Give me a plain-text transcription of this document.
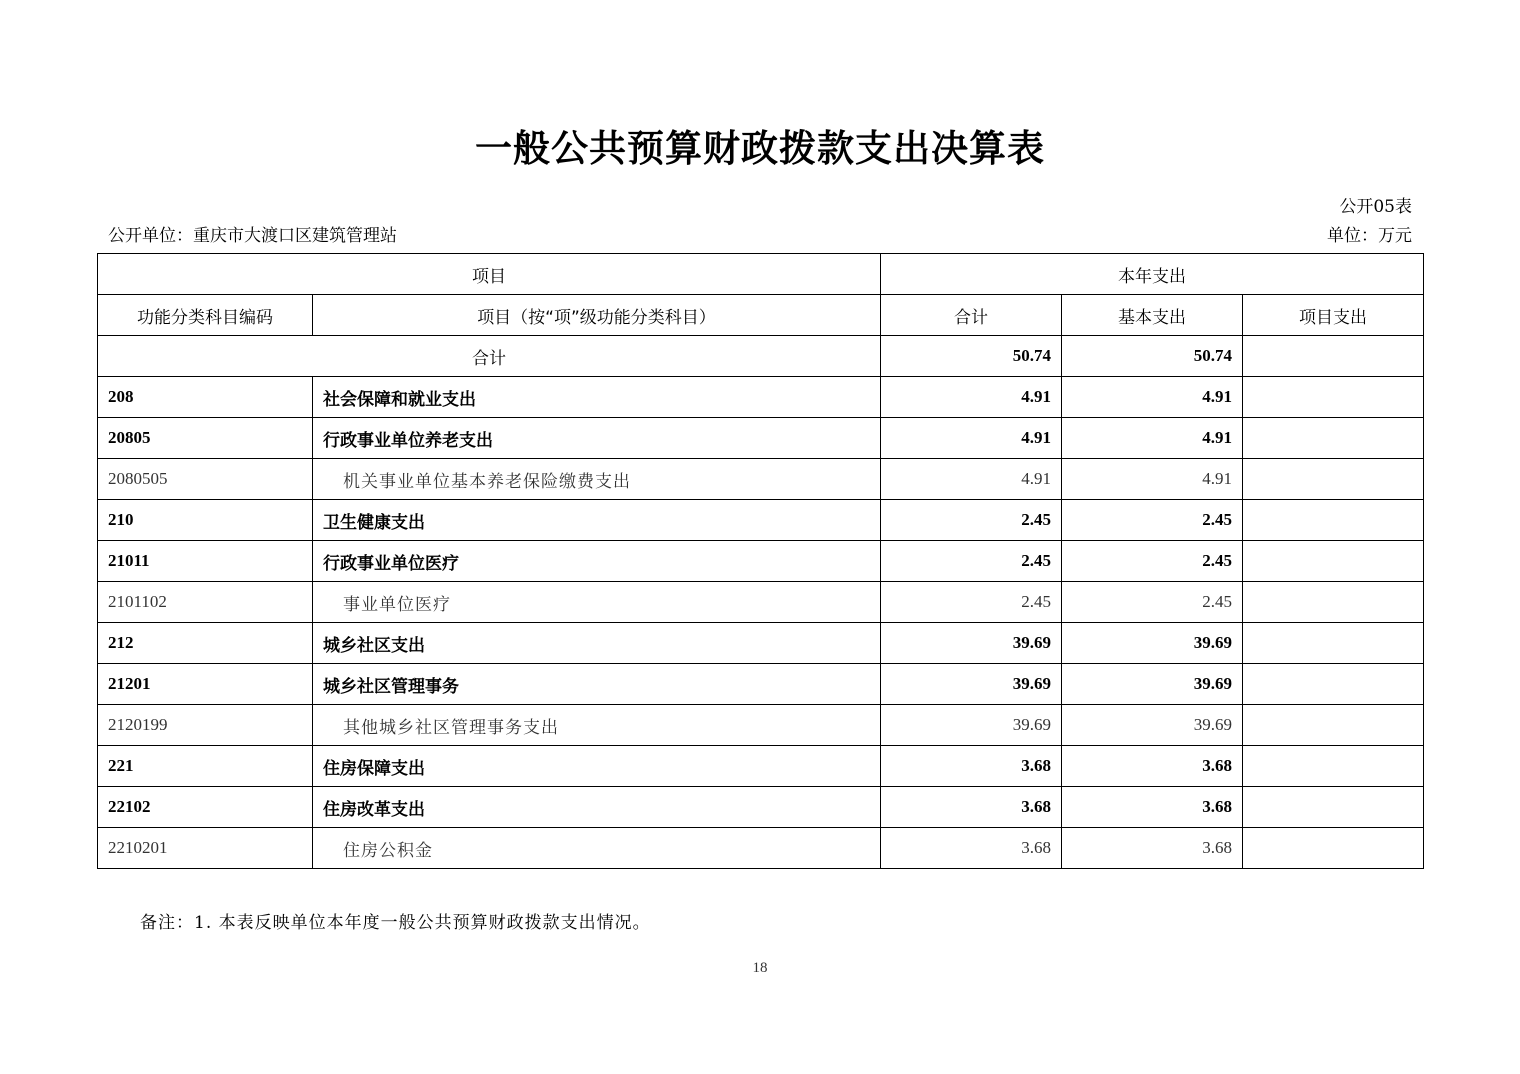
一般公共预算财政拨款支出决算表
公开05表
公开单位：重庆市大渡口区建筑管理站	单位：万元
项目		本年支出		
功能分类科目编码	项目（按“项”级功能分类科目）	合计	基本支出	项目支出
合计		50.74	50.74	
208	社会保障和就业支出	4.91	4.91	
20805	行政事业单位养老支出	4.91	4.91	
2080505	机关事业单位基本养老保险缴费支出	4.91	4.91	
210	卫生健康支出	2.45	2.45	
21011	行政事业单位医疗	2.45	2.45	
2101102	事业单位医疗	2.45	2.45	
212	城乡社区支出	39.69	39.69	
21201	城乡社区管理事务	39.69	39.69	
2120199	其他城乡社区管理事务支出	39.69	39.69	
221	住房保障支出	3.68	3.68	
22102	住房改革支出	3.68	3.68	
2210201	住房公积金	3.68	3.68	
备注：1. 本表反映单位本年度一般公共预算财政拨款支出情况。
18
